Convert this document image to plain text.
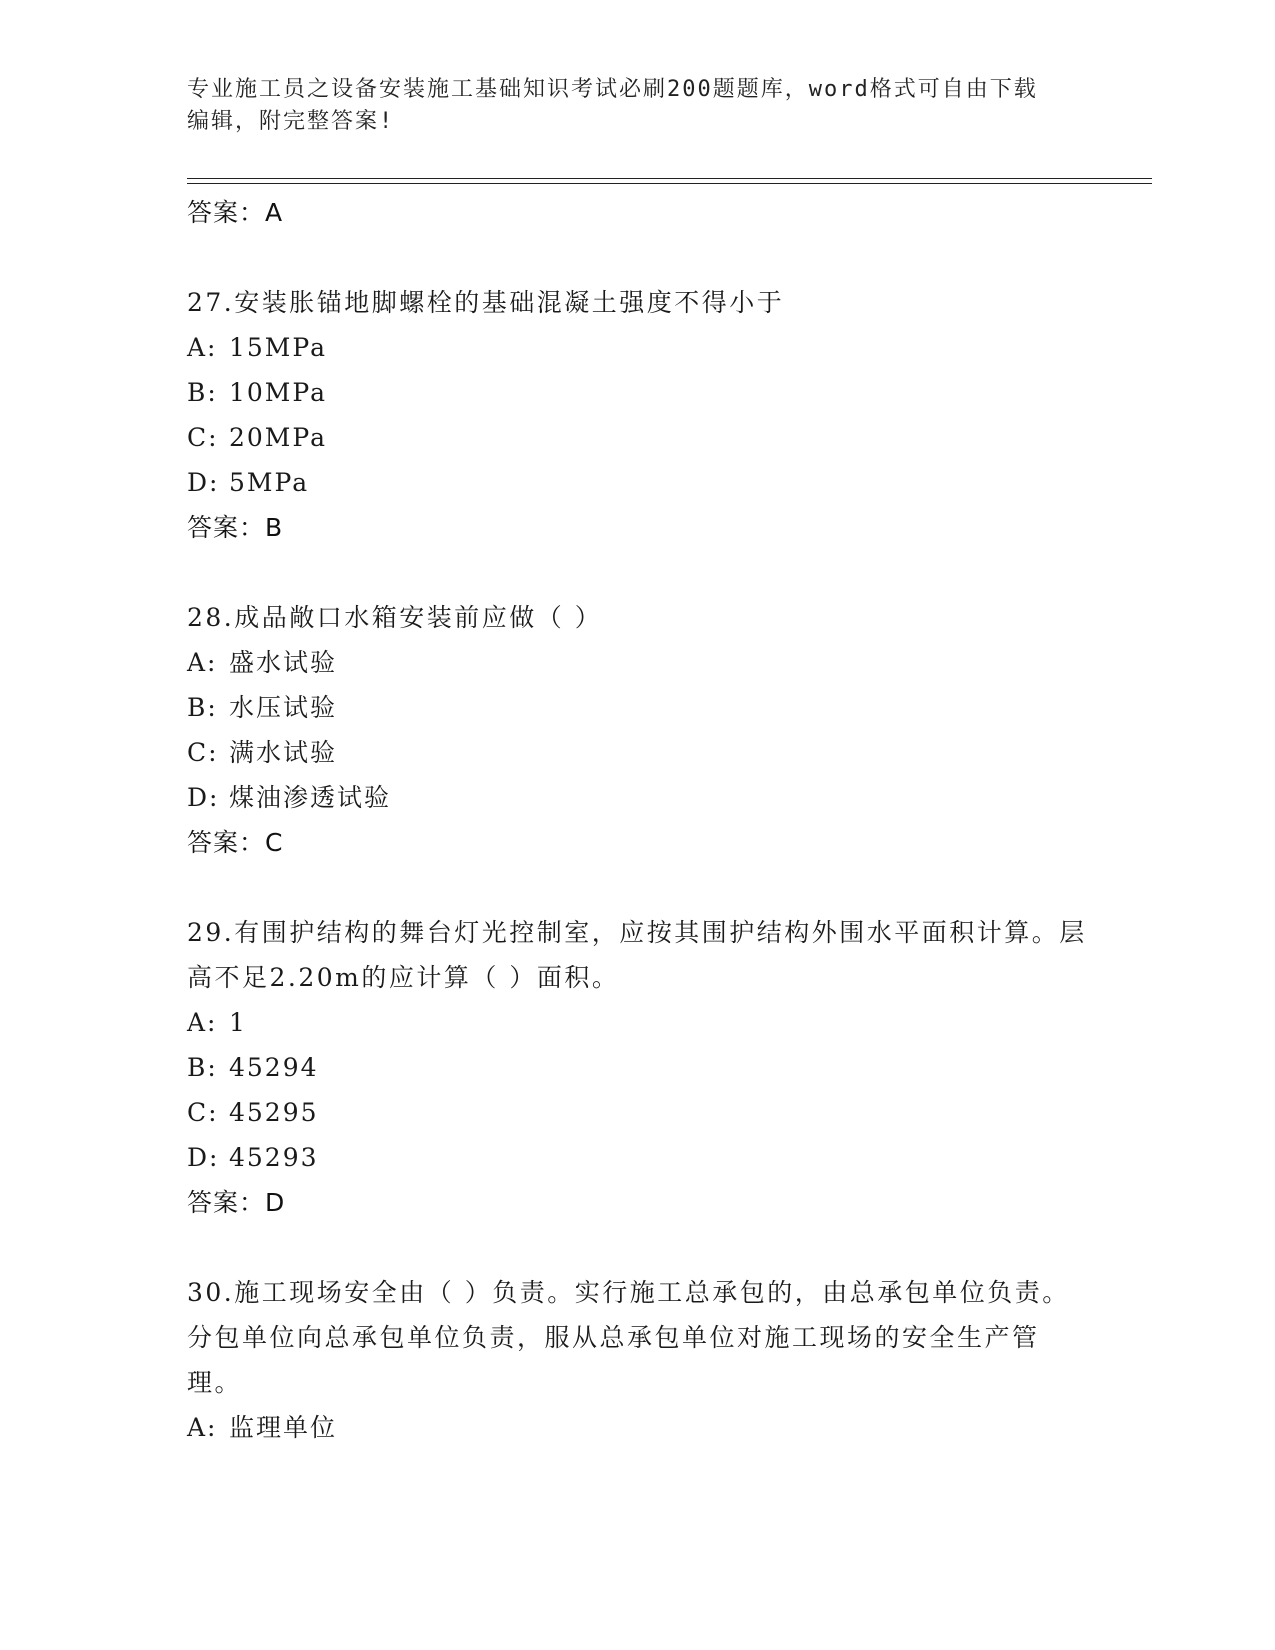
专业施工员之设备安装施工基础知识考试必刷200题题库，word格式可自由下载
编辑，附完整答案!
答案：A
27.安装胀锚地脚螺栓的基础混凝土强度不得小于
A: 15MPa
B: 10MPa
C: 20MPa
D: 5MPa
答案：B
28.成品敞口水箱安装前应做（ ）
A: 盛水试验
B: 水压试验
C: 满水试验
D: 煤油渗透试验
答案：C
29.有围护结构的舞台灯光控制室，应按其围护结构外围水平面积计算。层高不足2.20m的应计算（ ）面积。
A: 1
B: 45294
C: 45295
D: 45293
答案：D
30.施工现场安全由（ ）负责。实行施工总承包的，由总承包单位负责。分包单位向总承包单位负责，服从总承包单位对施工现场的安全生产管理。
A: 监理单位
